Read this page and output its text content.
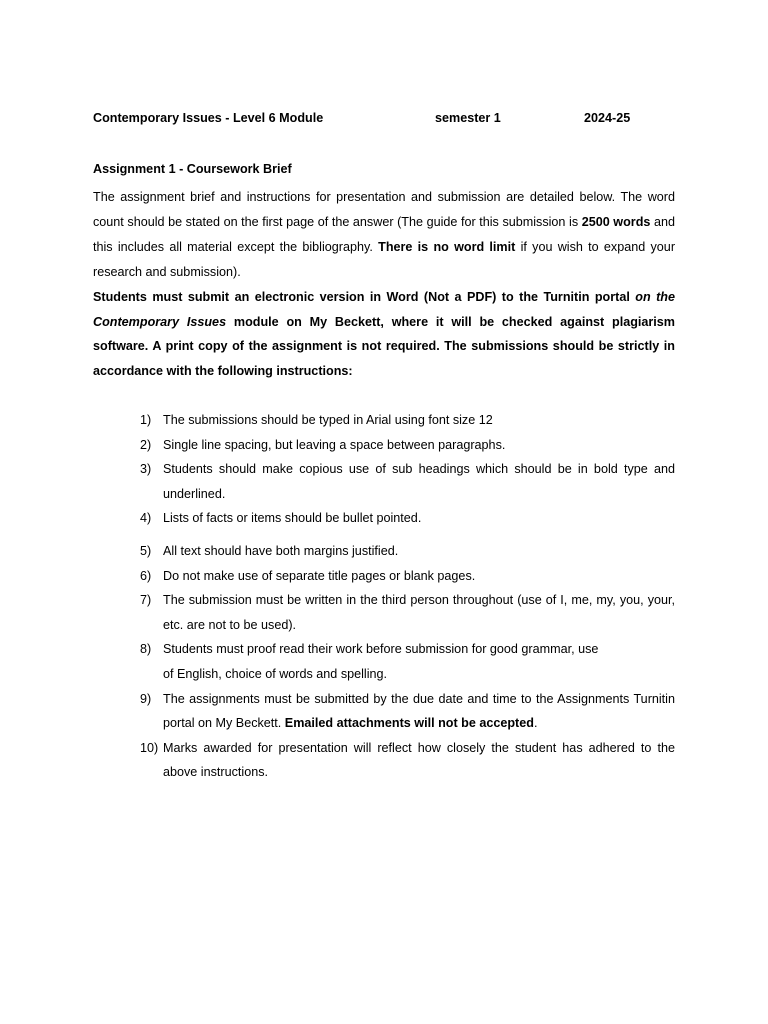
Contemporary Issues - Level 6 Module	semester 1	2024-25
Assignment 1 - Coursework Brief

The assignment brief and instructions for presentation and submission are detailed below. The word count should be stated on the first page of the answer (The guide for this submission is 2500 words and this includes all material except the bibliography. There is no word limit if you wish to expand your research and submission).

Students must submit an electronic version in Word (Not a PDF) to the Turnitin portal on the Contemporary Issues module on My Beckett, where it will be checked against plagiarism software. A print copy of the assignment is not required. The submissions should be strictly in accordance with the following instructions:

1) The submissions should be typed in Arial using font size 12
2) Single line spacing, but leaving a space between paragraphs.
3) Students should make copious use of sub headings which should be in bold type and underlined.
4) Lists of facts or items should be bullet pointed.
5) All text should have both margins justified.
6) Do not make use of separate title pages or blank pages.
7) The submission must be written in the third person throughout (use of I, me, my, you, your, etc. are not to be used).
8) Students must proof read their work before submission for good grammar, use
of English, choice of words and spelling.
9) The assignments must be submitted by the due date and time to the Assignments Turnitin portal on My Beckett. Emailed attachments will not be accepted.
10) Marks awarded for presentation will reflect how closely the student has adhered to the above instructions.
